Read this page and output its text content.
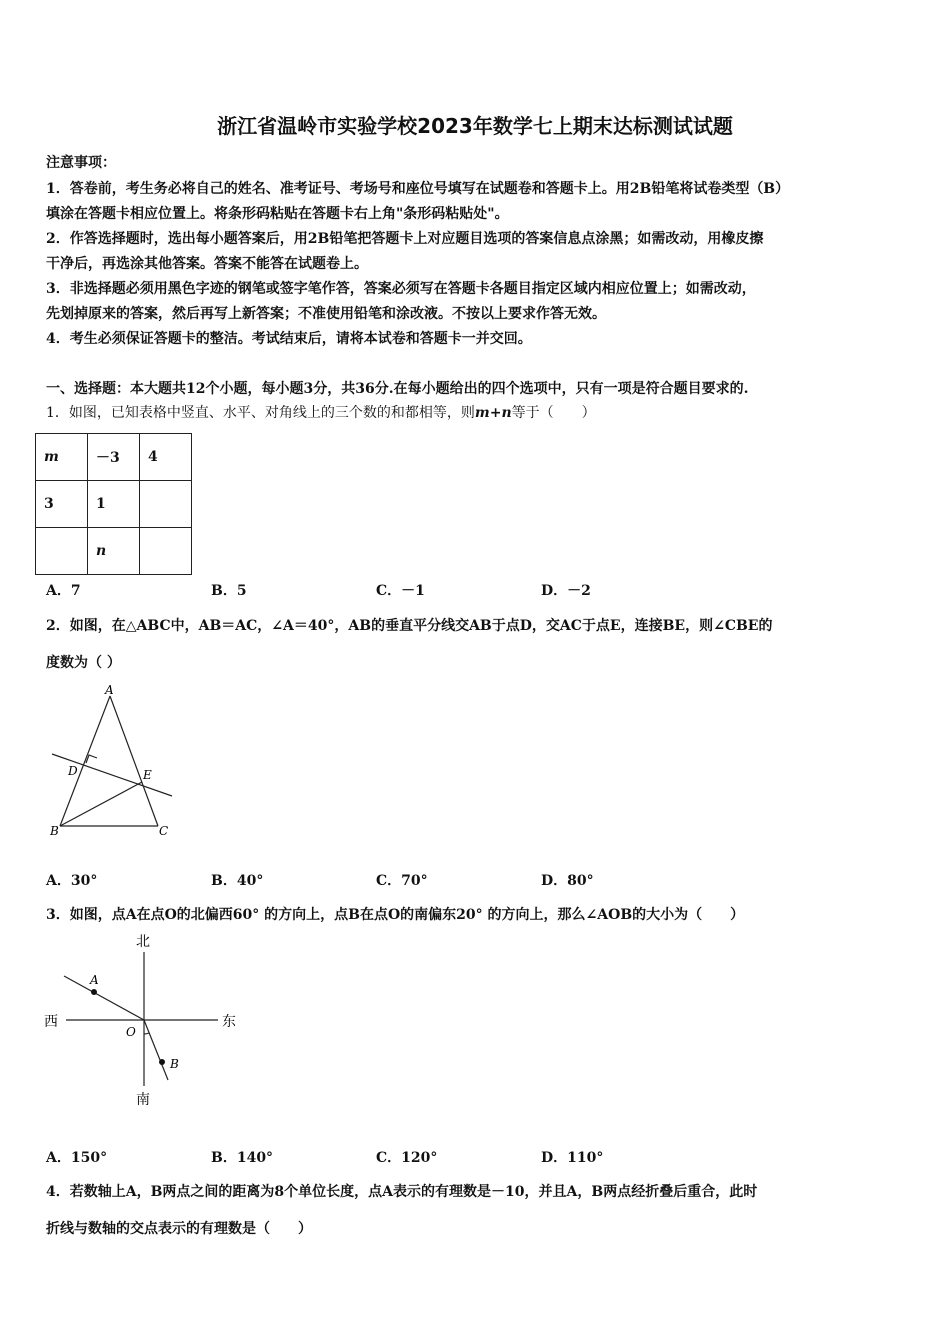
浙江省温岭市实验学校2023年数学七上期末达标测试试题
注意事项：
1．答卷前，考生务必将自己的姓名、准考证号、考场号和座位号填写在试题卷和答题卡上。用2B铅笔将试卷类型（B）
填涂在答题卡相应位置上。将条形码粘贴在答题卡右上角"条形码粘贴处"。
2．作答选择题时，选出每小题答案后，用2B铅笔把答题卡上对应题目选项的答案信息点涂黑；如需改动，用橡皮擦
干净后，再选涂其他答案。答案不能答在试题卷上。
3．非选择题必须用黑色字迹的钢笔或签字笔作答，答案必须写在答题卡各题目指定区域内相应位置上；如需改动，
先划掉原来的答案，然后再写上新答案；不准使用铅笔和涂改液。不按以上要求作答无效。
4．考生必须保证答题卡的整洁。考试结束后，请将本试卷和答题卡一并交回。
一、选择题：本大题共12个小题，每小题3分，共36分.在每小题给出的四个选项中，只有一项是符合题目要求的.
1．如图，已知表格中竖直、水平、对角线上的三个数的和都相等，则m+n等于（　　）
m	－3	4
3	1	
	n	
A．7	B．5	C．－1	D．－2
2．如图，在△ABC中，AB＝AC，∠A＝40°，AB的垂直平分线交AB于点D，交AC于点E，连接BE，则∠CBE的
度数为（ ）
A
B	C
D	E
A．30°	B．40°	C．70°	D．80°
3．如图，点A在点O的北偏西60° 的方向上，点B在点O的南偏东20° 的方向上，那么∠AOB的大小为（　　）
北
南
西	东
A
B
O
A．150°	B．140°	C．120°	D．110°
4．若数轴上A，B两点之间的距离为8个单位长度，点A表示的有理数是－10，并且A，B两点经折叠后重合，此时
折线与数轴的交点表示的有理数是（　　）
